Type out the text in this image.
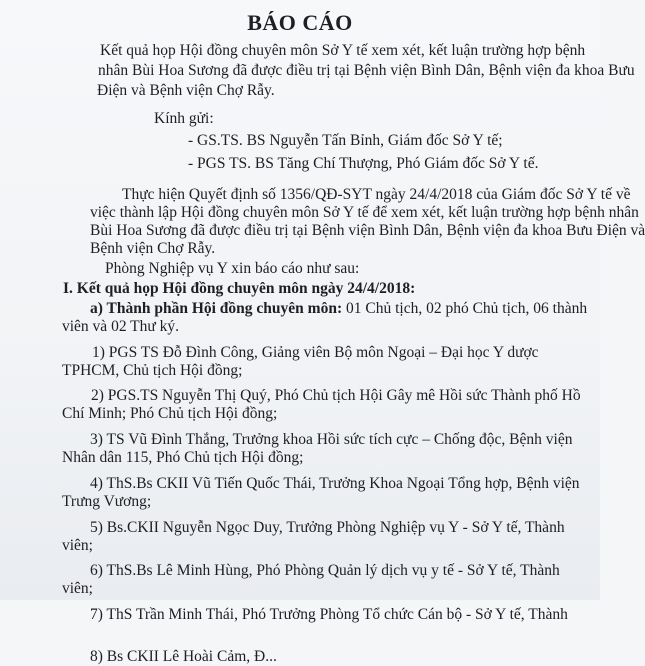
BÁO CÁO
Kết quả họp Hội đồng chuyên môn Sở Y tế xem xét, kết luận trường hợp bệnh
nhân Bùi Hoa Sương đã được điều trị tại Bệnh viện Bình Dân, Bệnh viện đa khoa Bưu
Điện và Bệnh viện Chợ Rẫy.
Kính gửi:
- GS.TS. BS Nguyễn Tấn Bỉnh, Giám đốc Sở Y tế;
- PGS TS. BS Tăng Chí Thượng, Phó Giám đốc Sở Y tế.
Thực hiện Quyết định số 1356/QĐ-SYT ngày 24/4/2018 của Giám đốc Sở Y tế về
việc thành lập Hội đồng chuyên môn Sở Y tế để xem xét, kết luận trường hợp bệnh nhân
Bùi Hoa Sương đã được điều trị tại Bệnh viện Bình Dân, Bệnh viện đa khoa Bưu Điện và
Bệnh viện Chợ Rẫy.
Phòng Nghiệp vụ Y xin báo cáo như sau:
I. Kết quả họp Hội đồng chuyên môn ngày 24/4/2018:
a) Thành phần Hội đồng chuyên môn: 01 Chủ tịch, 02 phó Chủ tịch, 06 thành
viên và 02 Thư ký.
1) PGS TS Đỗ Đình Công, Giảng viên Bộ môn Ngoại – Đại học Y dược
TPHCM, Chủ tịch Hội đồng;
2) PGS.TS Nguyễn Thị Quý, Phó Chủ tịch Hội Gây mê Hồi sức Thành phố Hồ
Chí Minh; Phó Chủ tịch Hội đồng;
3) TS Vũ Đình Thắng, Trưởng khoa Hồi sức tích cực – Chống độc, Bệnh viện
Nhân dân 115, Phó Chủ tịch Hội đồng;
4) ThS.Bs CKII Vũ Tiến Quốc Thái, Trưởng Khoa Ngoại Tổng hợp, Bệnh viện
Trưng Vương;
5) Bs.CKII Nguyễn Ngọc Duy, Trưởng Phòng Nghiệp vụ Y - Sở Y tế, Thành
viên;
6) ThS.Bs Lê Minh Hùng, Phó Phòng Quản lý dịch vụ y tế - Sở Y tế, Thành
viên;
7) ThS Trần Minh Thái, Phó Trưởng Phòng Tổ chức Cán bộ - Sở Y tế, Thành
8) Bs CKII Lê Hoài Cảm, Đ...
